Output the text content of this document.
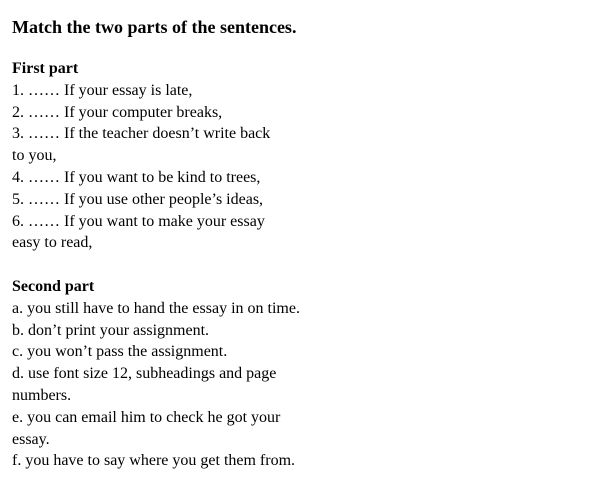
Match the two parts of the sentences.
First part
1. …… If your essay is late,
2. …… If your computer breaks,
3. …… If the teacher doesn’t write back
to you,
4. …… If you want to be kind to trees,
5. …… If you use other people’s ideas,
6. …… If you want to make your essay
easy to read,
Second part
a. you still have to hand the essay in on time.
b. don’t print your assignment.
c. you won’t pass the assignment.
d. use font size 12, subheadings and page
numbers.
e. you can email him to check he got your
essay.
f. you have to say where you get them from.
